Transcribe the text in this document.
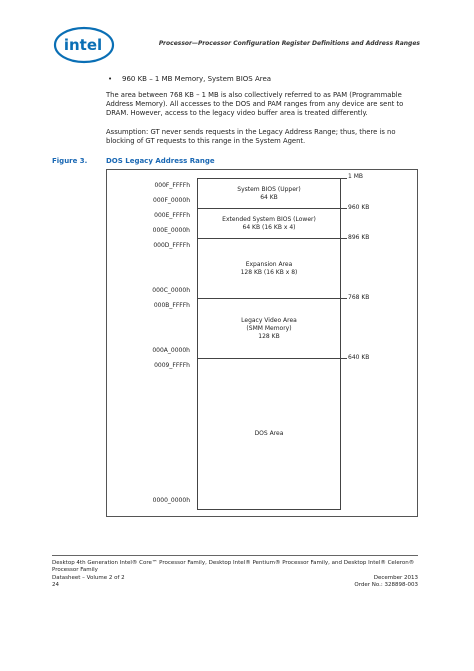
intel	Processor—Processor Configuration Register Definitions and Address Ranges
• 960 KB – 1 MB Memory, System BIOS Area

The area between 768 KB – 1 MB is also collectively referred to as PAM (Programmable Address Memory). All accesses to the DOS and PAM ranges from any device are sent to DRAM. However, access to the legacy video buffer area is treated differently.

Assumption: GT never sends requests in the Legacy Address Range; thus, there is no blocking of GT requests to this range in the System Agent.

Figure 3.	DOS Legacy Address Range
System BIOS (Upper)
64 KB
Extended System BIOS (Lower)
64 KB (16 KB x 4)
Expansion Area
128 KB (16 KB x 8)
Legacy Video Area
(SMM Memory)
128 KB
DOS Area
000F_FFFFh
000F_0000h
000E_FFFFh
000E_0000h
000D_FFFFh
000C_0000h
000B_FFFFh
000A_0000h
0009_FFFFh
0000_0000h
1 MB
960 KB
896 KB
768 KB
640 KB
Desktop 4th Generation Intel® Core™ Processor Family, Desktop Intel® Pentium® Processor Family, and Desktop Intel® Celeron®
Processor Family
Datasheet – Volume 2 of 2
24
December 2013
Order No.: 328898-003
